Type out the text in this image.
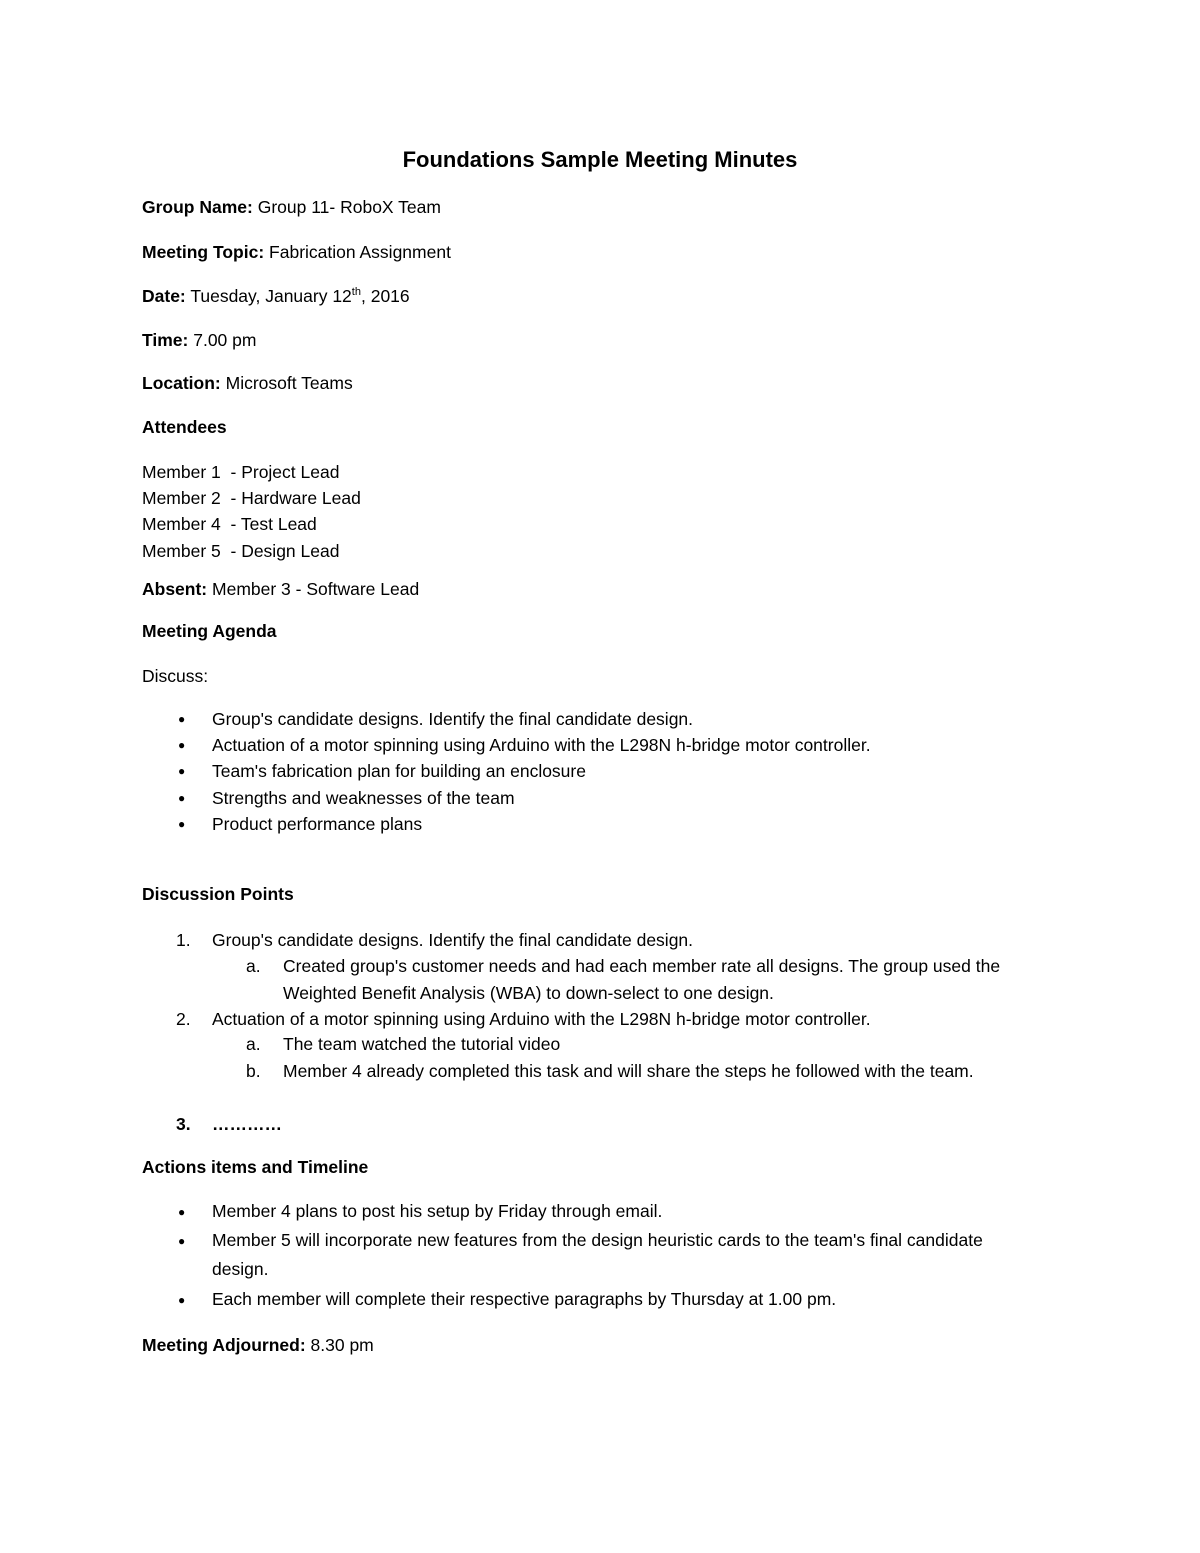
Foundations Sample Meeting Minutes
Group Name: Group 11- RoboX Team
Meeting Topic: Fabrication Assignment
Date: Tuesday, January 12th, 2016
Time: 7.00 pm
Location: Microsoft Teams
Attendees
Member 1  - Project Lead
Member 2  - Hardware Lead
Member 4  - Test Lead
Member 5  - Design Lead
Absent: Member 3 - Software Lead
Meeting Agenda
Discuss:
● Group's candidate designs. Identify the final candidate design.
● Actuation of a motor spinning using Arduino with the L298N h-bridge motor controller.
● Team's fabrication plan for building an enclosure
● Strengths and weaknesses of the team
● Product performance plans
Discussion Points
1. Group's candidate designs. Identify the final candidate design.
a. Created group's customer needs and had each member rate all designs. The group used the Weighted Benefit Analysis (WBA) to down-select to one design.
2. Actuation of a motor spinning using Arduino with the L298N h-bridge motor controller.
a. The team watched the tutorial video
b. Member 4 already completed this task and will share the steps he followed with the team.
3. …………
Actions items and Timeline
● Member 4 plans to post his setup by Friday through email.
● Member 5 will incorporate new features from the design heuristic cards to the team's final candidate design.
● Each member will complete their respective paragraphs by Thursday at 1.00 pm.
Meeting Adjourned: 8.30 pm
